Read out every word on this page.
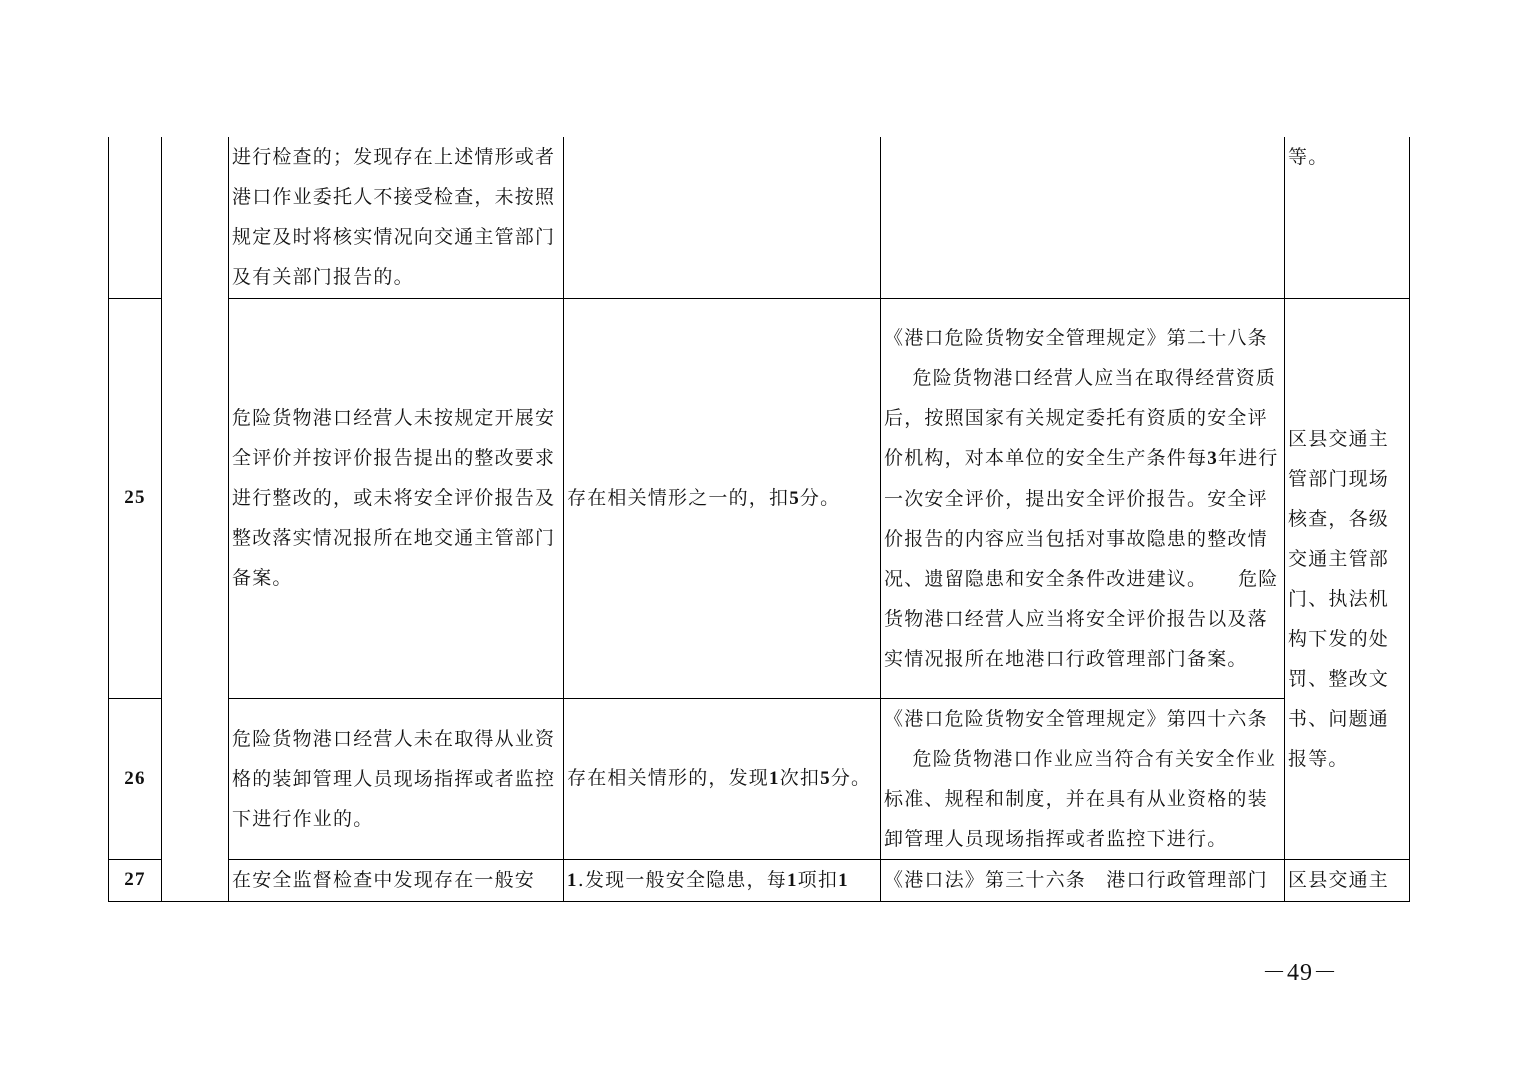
		进行检查的；发现存在上述情形或者港口作业委托人不接受检查，未按照规定及时将核实情况向交通主管部门及有关部门报告的。			等。
25		危险货物港口经营人未按规定开展安全评价并按评价报告提出的整改要求进行整改的，或未将安全评价报告及整改落实情况报所在地交通主管部门备案。	存在相关情形之一的，扣5分。	《港口危险货物安全管理规定》第二十八条

危险货物港口经营人应当在取得经营资质后，按照国家有关规定委托有资质的安全评价机构，对本单位的安全生产条件每3年进行一次安全评价，提出安全评价报告。安全评价报告的内容应当包括对事故隐患的整改情况、遗留隐患和安全条件改进建议。　　危险货物港口经营人应当将安全评价报告以及落实情况报所在地港口行政管理部门备案。	区县交通主管部门现场核查，各级交通主管部门、执法机构下发的处罚、整改文书、问题通报等。
26		危险货物港口经营人未在取得从业资格的装卸管理人员现场指挥或者监控下进行作业的。	存在相关情形的，发现1次扣5分。	《港口危险货物安全管理规定》第四十六条

危险货物港口作业应当符合有关安全作业标准、规程和制度，并在具有从业资格的装卸管理人员现场指挥或者监控下进行。	

27		在安全监督检查中发现存在一般安	1.发现一般安全隐患，每1项扣1	《港口法》第三十六条　港口行政管理部门	区县交通主
－49－
